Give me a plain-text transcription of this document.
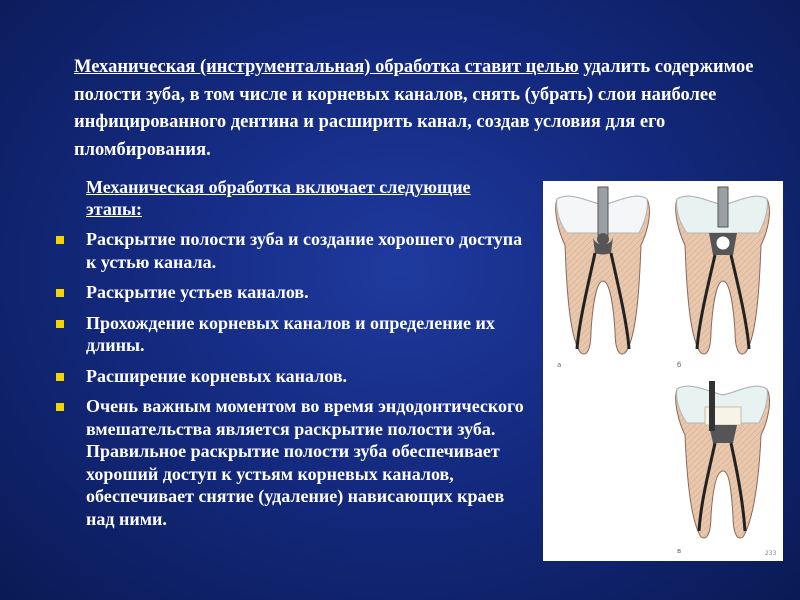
Механическая (инструментальная) обработка ставит целью удалить содержимое полости зуба, в том числе и корневых каналов, снять (убрать) слои наиболее инфицированного дентина и расширить канал, создав условия для его пломбирования.
Механическая обработка включает следующие этапы:
Раскрытие полости зуба и создание хорошего доступа к устью канала.
Раскрытие устьев каналов.
Прохождение корневых каналов и определение их длины.
Расширение корневых каналов.
Очень важным моментом во время эндодонтического вмешательства является раскрытие полости зуба. Правильное раскрытие полости зуба обеспечивает хороший доступ к устьям корневых каналов, обеспечивает снятие (удаление) нависающих краев над ними.
а	б
в	233
